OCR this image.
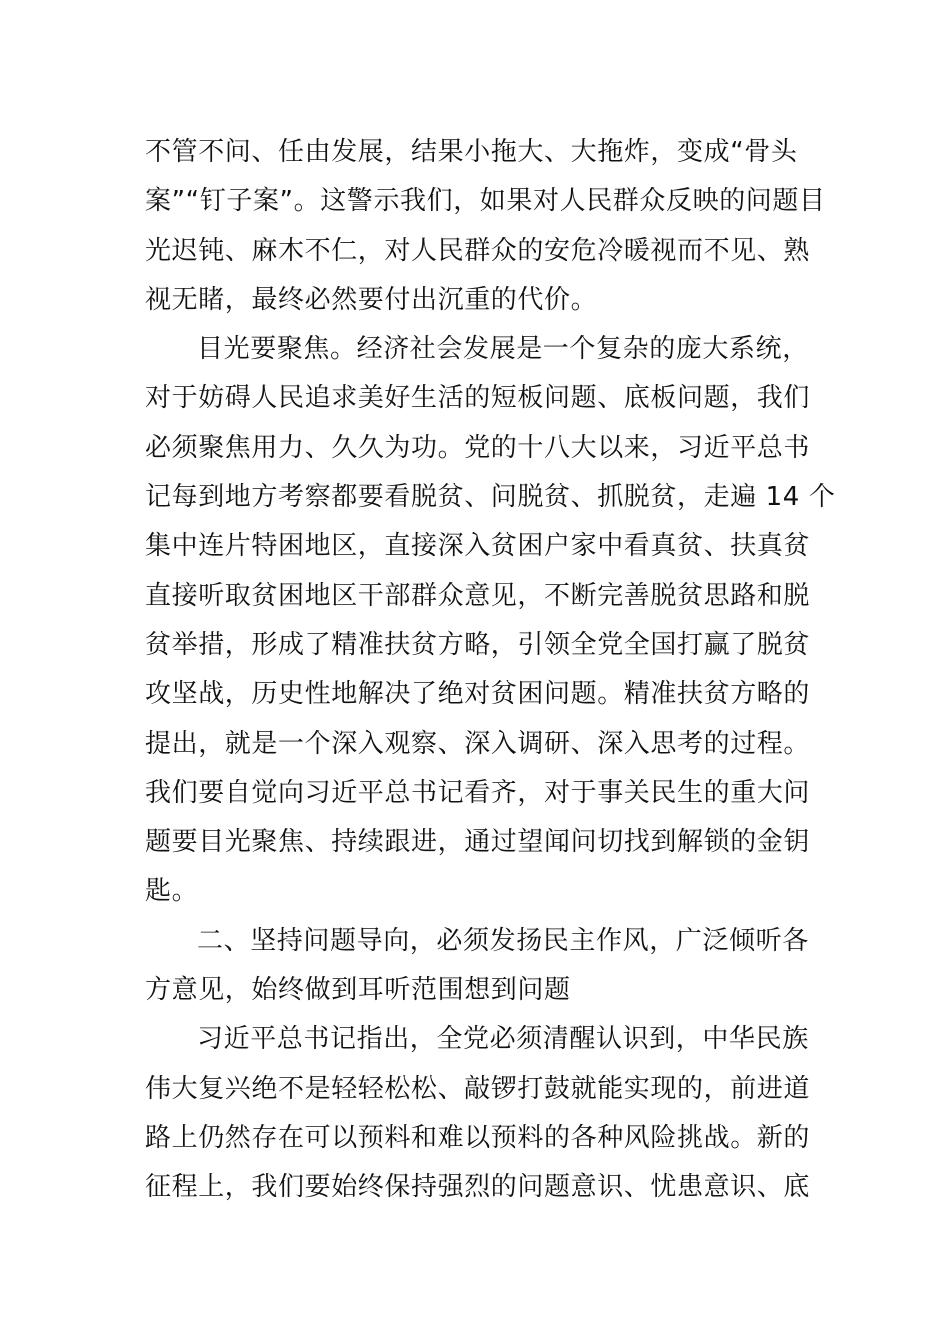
不管不问、任由发展，结果小拖大、大拖炸，变成“骨头
案”“钉子案”。这警示我们，如果对人民群众反映的问题目
光迟钝、麻木不仁，对人民群众的安危冷暖视而不见、熟
视无睹，最终必然要付出沉重的代价。
目光要聚焦。经济社会发展是一个复杂的庞大系统，
对于妨碍人民追求美好生活的短板问题、底板问题，我们
必须聚焦用力、久久为功。党的十八大以来，习近平总书
记每到地方考察都要看脱贫、问脱贫、抓脱贫，走遍 14 个
集中连片特困地区，直接深入贫困户家中看真贫、扶真贫
直接听取贫困地区干部群众意见，不断完善脱贫思路和脱
贫举措，形成了精准扶贫方略，引领全党全国打赢了脱贫
攻坚战，历史性地解决了绝对贫困问题。精准扶贫方略的
提出，就是一个深入观察、深入调研、深入思考的过程。
我们要自觉向习近平总书记看齐，对于事关民生的重大问
题要目光聚焦、持续跟进，通过望闻问切找到解锁的金钥
匙。
二、坚持问题导向，必须发扬民主作风，广泛倾听各
方意见，始终做到耳听范围想到问题
习近平总书记指出，全党必须清醒认识到，中华民族
伟大复兴绝不是轻轻松松、敲锣打鼓就能实现的，前进道
路上仍然存在可以预料和难以预料的各种风险挑战。新的
征程上，我们要始终保持强烈的问题意识、忧患意识、底
